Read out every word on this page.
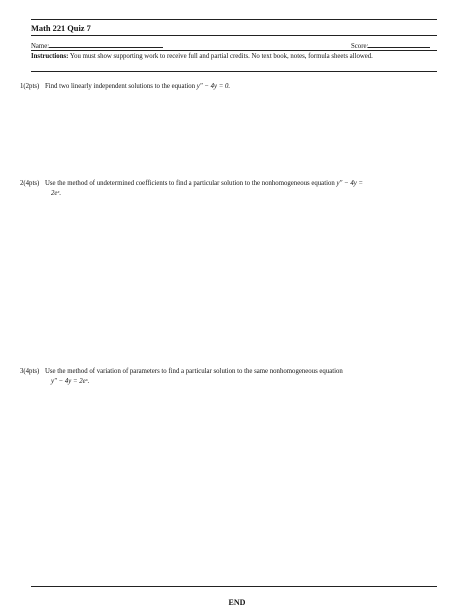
Math 221 Quiz 7
Name:	Score:
Instructions: You must show supporting work to receive full and partial credits. No text book, notes, formula sheets allowed.
1(2pts) Find two linearly independent solutions to the equation y″ − 4y = 0.
2(4pts) Use the method of undetermined coefficients to find a particular solution to the nonhomogeneous equation y″ − 4y =
2eˣ.
3(4pts) Use the method of variation of parameters to find a particular solution to the same nonhomogeneous equation
y″ − 4y = 2eˣ.
END
